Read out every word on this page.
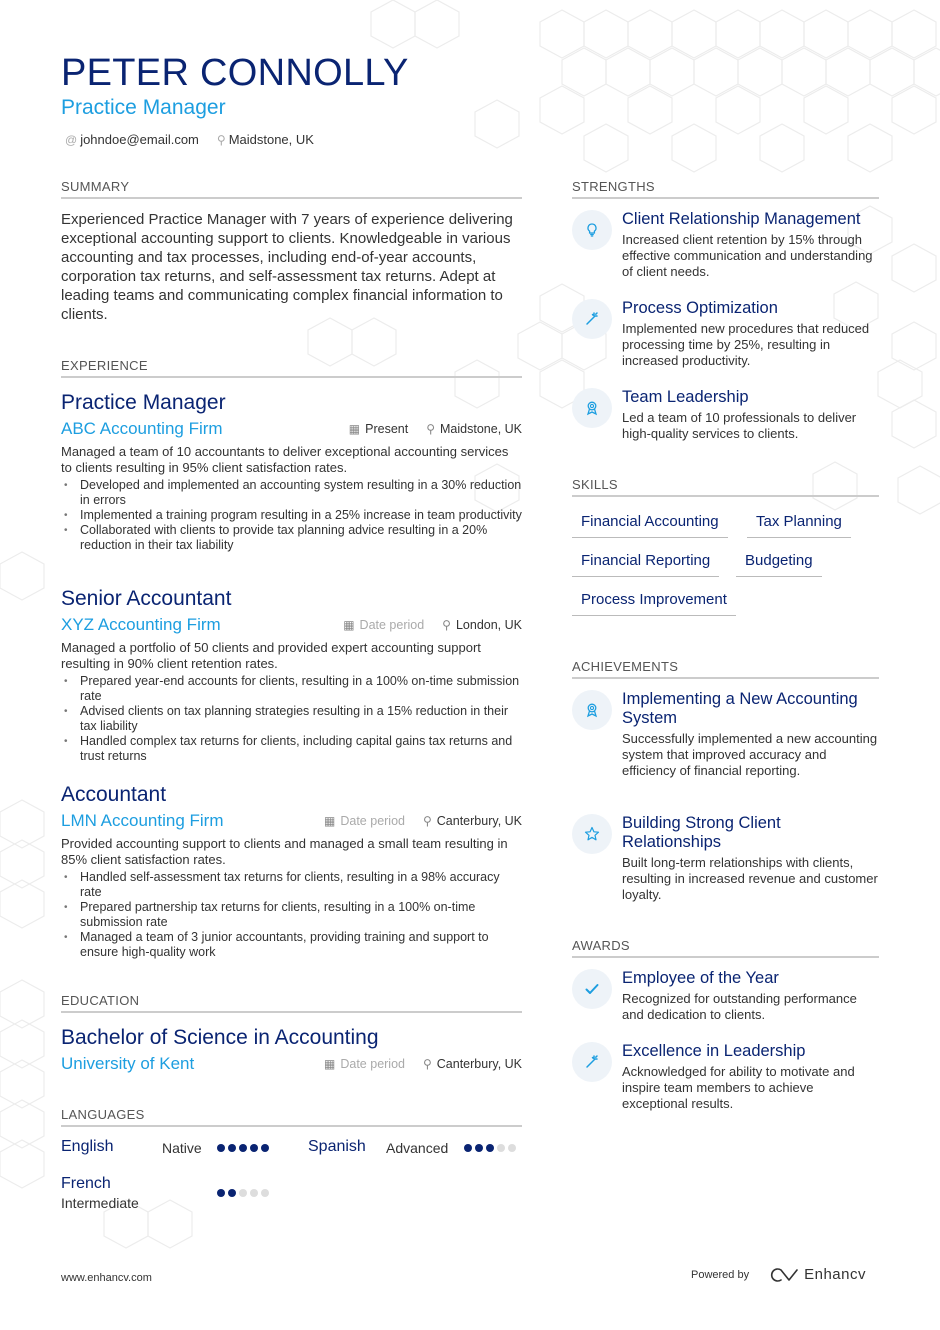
PETER CONNOLLY
Practice Manager
@ johndoe@email.com ⚲ Maidstone, UK
SUMMARY
Experienced Practice Manager with 7 years of experience delivering exceptional accounting support to clients. Knowledgeable in various accounting and tax processes, including end-of-year accounts, corporation tax returns, and self-assessment tax returns. Adept at leading teams and communicating complex financial information to clients.
EXPERIENCE
Practice Manager
ABC Accounting Firm	▦ Present ⚲ Maidstone, UK
Managed a team of 10 accountants to deliver exceptional accounting services to clients resulting in 95% client satisfaction rates.
• Developed and implemented an accounting system resulting in a 30% reduction in errors
• Implemented a training program resulting in a 25% increase in team productivity
• Collaborated with clients to provide tax planning advice resulting in a 20% reduction in their tax liability
Senior Accountant
XYZ Accounting Firm	▦ Date period ⚲ London, UK
Managed a portfolio of 50 clients and provided expert accounting support resulting in 90% client retention rates.
• Prepared year-end accounts for clients, resulting in a 100% on-time submission rate
• Advised clients on tax planning strategies resulting in a 15% reduction in their tax liability
• Handled complex tax returns for clients, including capital gains tax returns and trust returns
Accountant
LMN Accounting Firm	▦ Date period ⚲ Canterbury, UK
Provided accounting support to clients and managed a small team resulting in 85% client satisfaction rates.
• Handled self-assessment tax returns for clients, resulting in a 98% accuracy rate
• Prepared partnership tax returns for clients, resulting in a 100% on-time submission rate
• Managed a team of 3 junior accountants, providing training and support to ensure high-quality work
EDUCATION
Bachelor of Science in Accounting
University of Kent	▦ Date period ⚲ Canterbury, UK
LANGUAGES
English	Native	Spanish Advanced
French
Intermediate
STRENGTHS
Client Relationship Management
Increased client retention by 15% through effective communication and understanding of client needs.
Process Optimization
Implemented new procedures that reduced processing time by 25%, resulting in increased productivity.
Team Leadership
Led a team of 10 professionals to deliver high-quality services to clients.
SKILLS
Financial Accounting	Tax Planning
Financial Reporting	Budgeting
Process Improvement
ACHIEVEMENTS
Implementing a New Accounting System
Successfully implemented a new accounting system that improved accuracy and efficiency of financial reporting.
Building Strong Client Relationships
Built long-term relationships with clients, resulting in increased revenue and customer loyalty.
AWARDS
Employee of the Year
Recognized for outstanding performance and dedication to clients.
Excellence in Leadership
Acknowledged for ability to motivate and inspire team members to achieve exceptional results.
www.enhancv.com	Powered by	Enhancv
